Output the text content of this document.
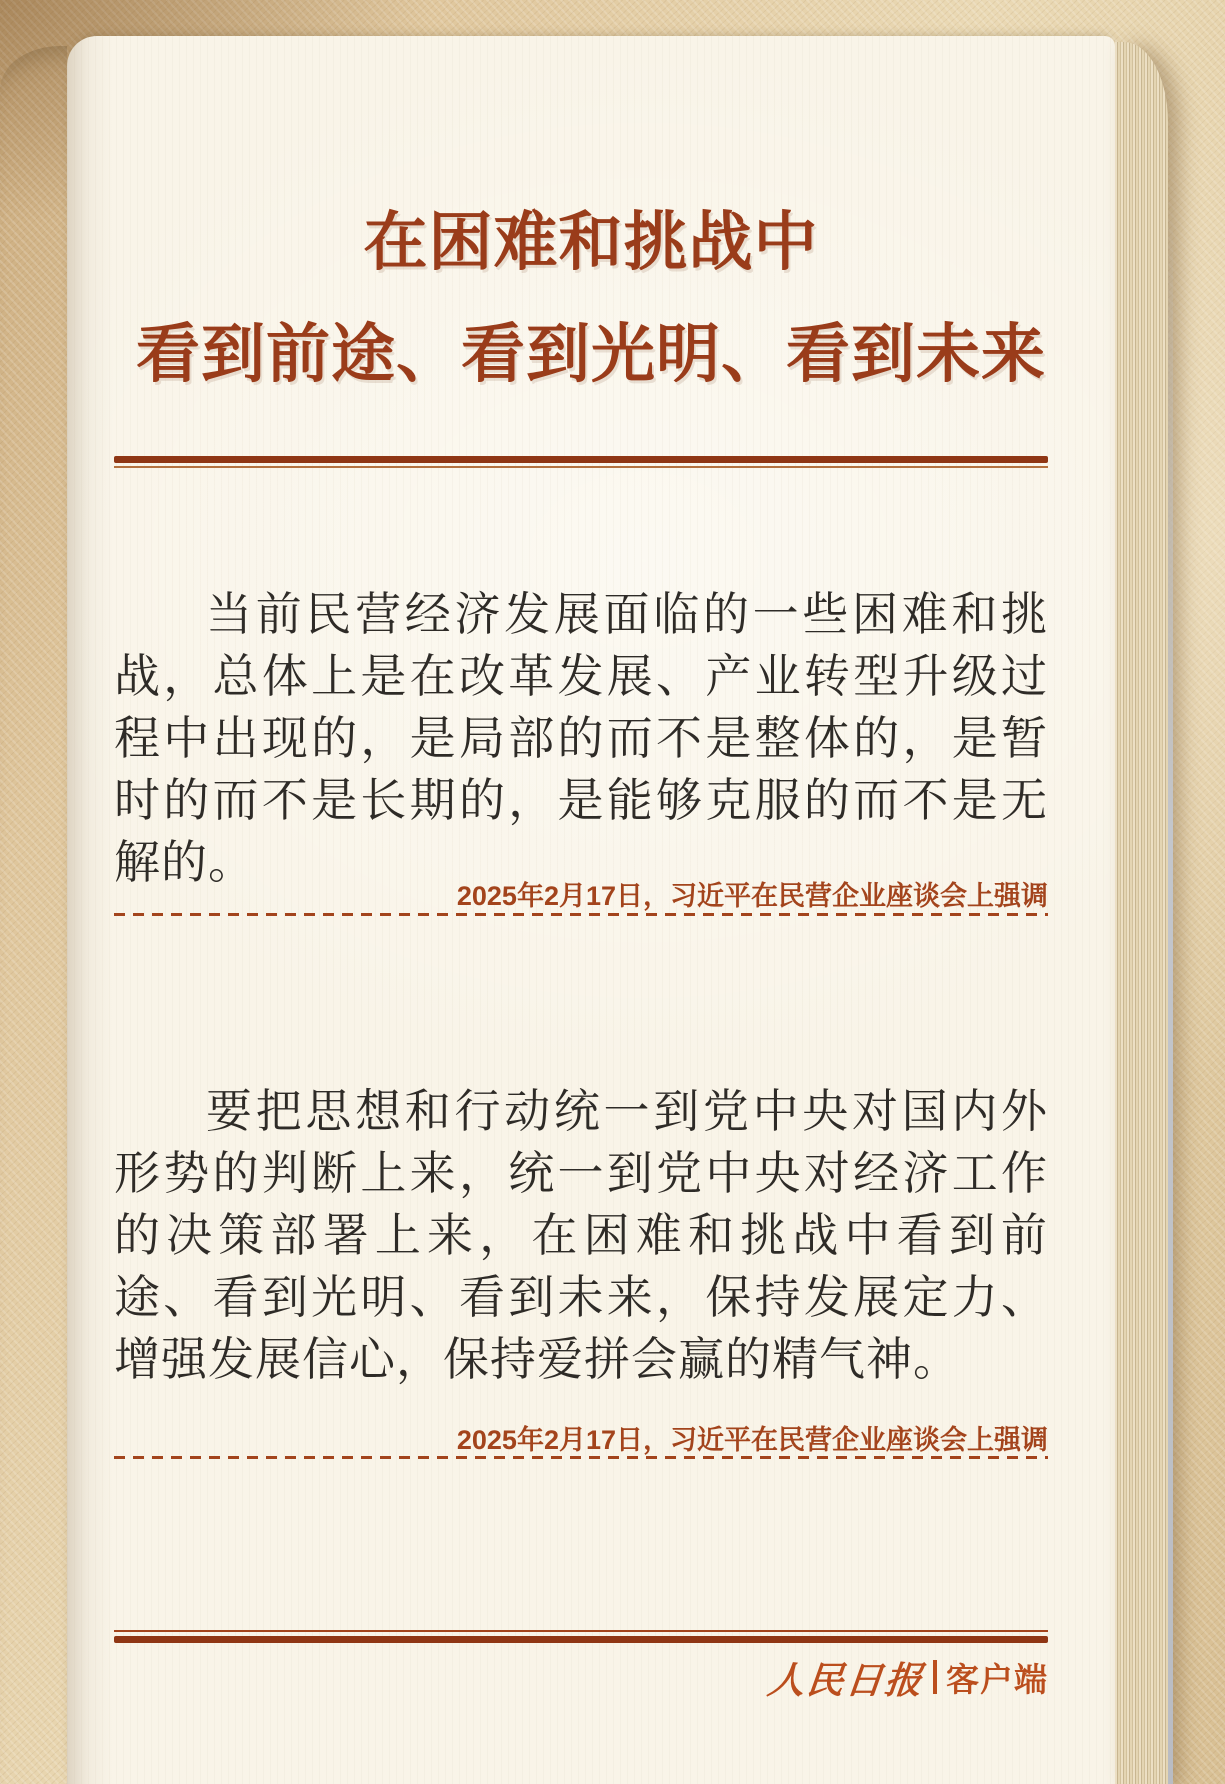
在困难和挑战中
看到前途、看到光明、看到未来
当前民营经济发展面临的一些困难和挑战，总体上是在改革发展、产业转型升级过程中出现的，是局部的而不是整体的，是暂时的而不是长期的，是能够克服的而不是无解的。
2025年2月17日，习近平在民营企业座谈会上强调
要把思想和行动统一到党中央对国内外形势的判断上来，统一到党中央对经济工作的决策部署上来，在困难和挑战中看到前途、看到光明、看到未来，保持发展定力、增强发展信心，保持爱拼会赢的精气神。
2025年2月17日，习近平在民营企业座谈会上强调
人民日报 客户端
